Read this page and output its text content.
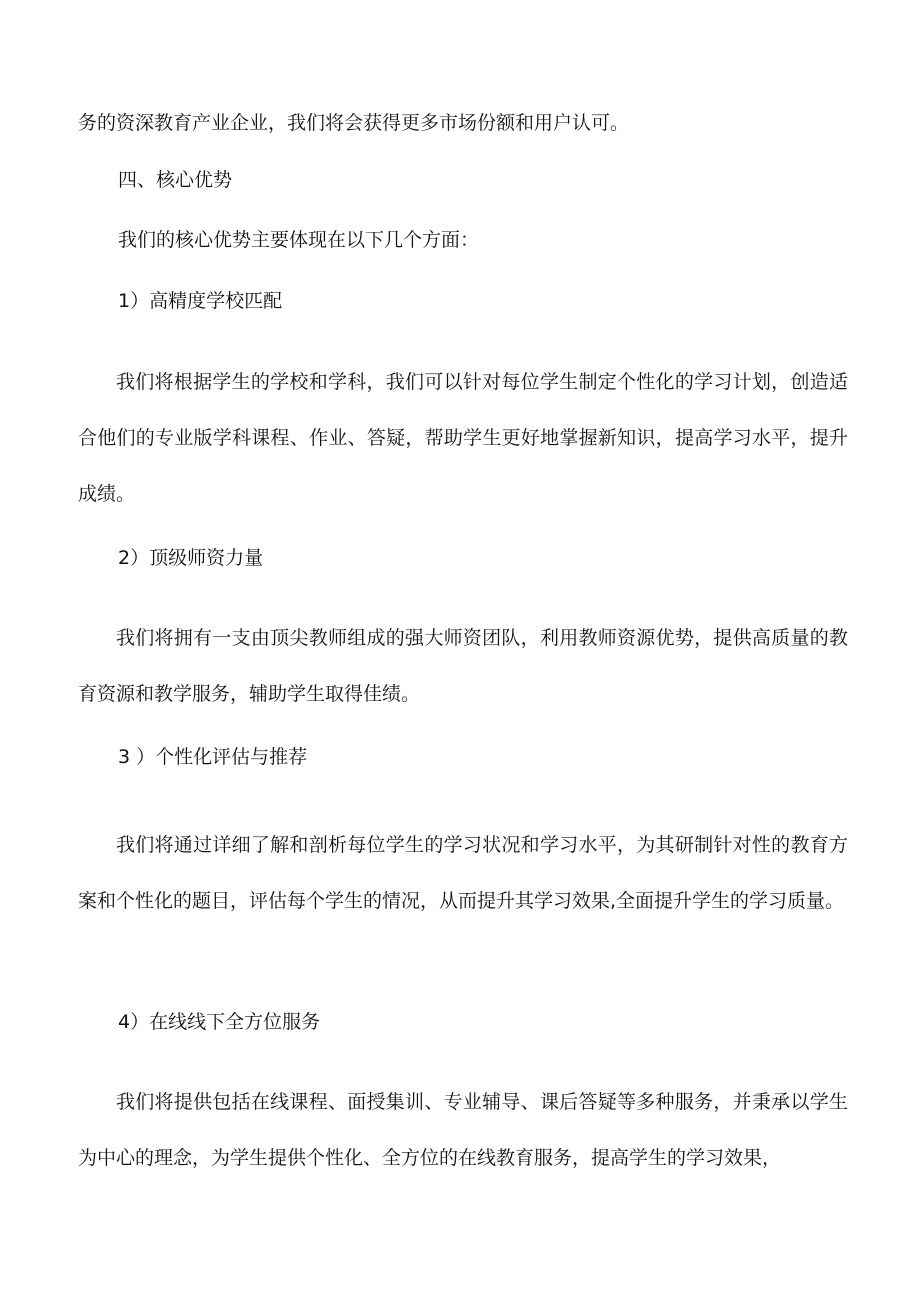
务的资深教育产业企业，我们将会获得更多市场份额和用户认可。

四、核心优势

我们的核心优势主要体现在以下几个方面：

1）高精度学校匹配

我们将根据学生的学校和学科，我们可以针对每位学生制定个性化的学习计划，创造适合他们的专业版学科课程、作业、答疑，帮助学生更好地掌握新知识，提高学习水平，提升成绩。

2）顶级师资力量

我们将拥有一支由顶尖教师组成的强大师资团队，利用教师资源优势，提供高质量的教育资源和教学服务，辅助学生取得佳绩。

3 ）个性化评估与推荐

我们将通过详细了解和剖析每位学生的学习状况和学习水平，为其研制针对性的教育方案和个性化的题目，评估每个学生的情况，从而提升其学习效果,全面提升学生的学习质量。

4）在线线下全方位服务

我们将提供包括在线课程、面授集训、专业辅导、课后答疑等多种服务，并秉承以学生为中心的理念，为学生提供个性化、全方位的在线教育服务，提高学生的学习效果，
